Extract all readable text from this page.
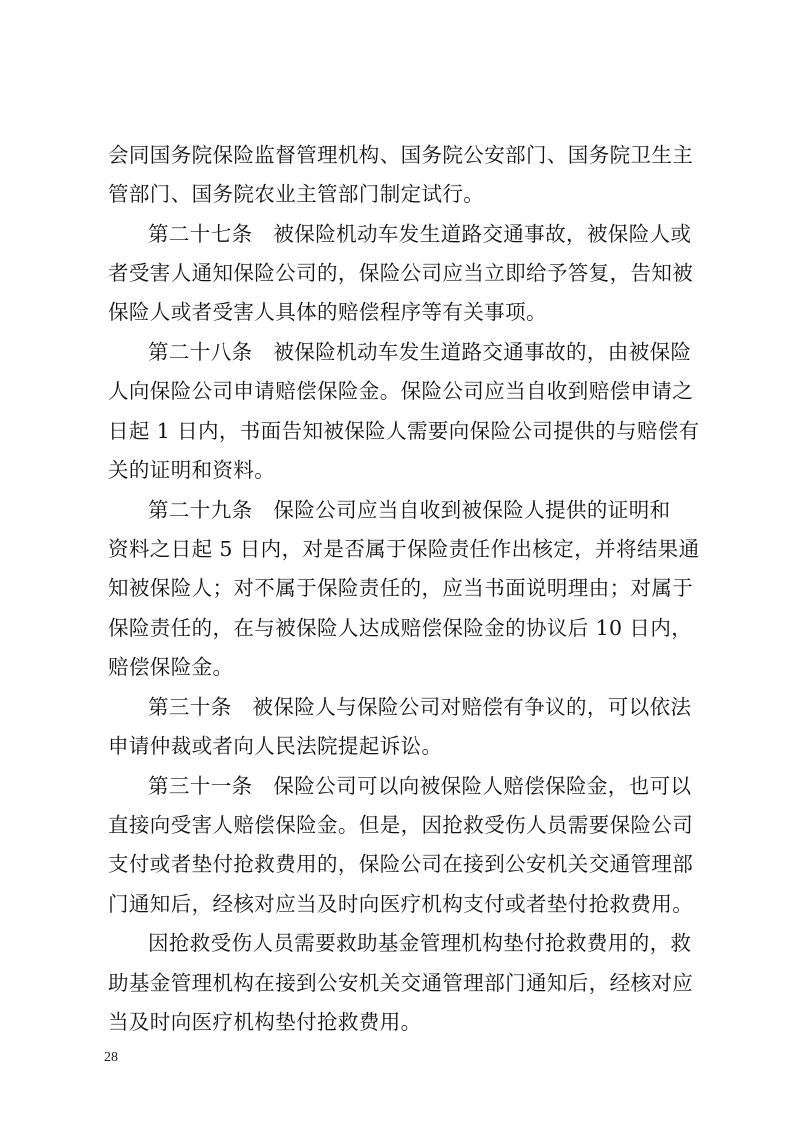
会同国务院保险监督管理机构、国务院公安部门、国务院卫生主
管部门、国务院农业主管部门制定试行。
第二十七条　被保险机动车发生道路交通事故，被保险人或
者受害人通知保险公司的，保险公司应当立即给予答复，告知被
保险人或者受害人具体的赔偿程序等有关事项。
第二十八条　被保险机动车发生道路交通事故的，由被保险
人向保险公司申请赔偿保险金。保险公司应当自收到赔偿申请之
日起 1 日内，书面告知被保险人需要向保险公司提供的与赔偿有
关的证明和资料。
第二十九条　保险公司应当自收到被保险人提供的证明和
资料之日起 5 日内，对是否属于保险责任作出核定，并将结果通
知被保险人；对不属于保险责任的，应当书面说明理由；对属于
保险责任的，在与被保险人达成赔偿保险金的协议后 10 日内，
赔偿保险金。
第三十条　被保险人与保险公司对赔偿有争议的，可以依法
申请仲裁或者向人民法院提起诉讼。
第三十一条　保险公司可以向被保险人赔偿保险金，也可以
直接向受害人赔偿保险金。但是，因抢救受伤人员需要保险公司
支付或者垫付抢救费用的，保险公司在接到公安机关交通管理部
门通知后，经核对应当及时向医疗机构支付或者垫付抢救费用。
因抢救受伤人员需要救助基金管理机构垫付抢救费用的，救
助基金管理机构在接到公安机关交通管理部门通知后，经核对应
当及时向医疗机构垫付抢救费用。
28
